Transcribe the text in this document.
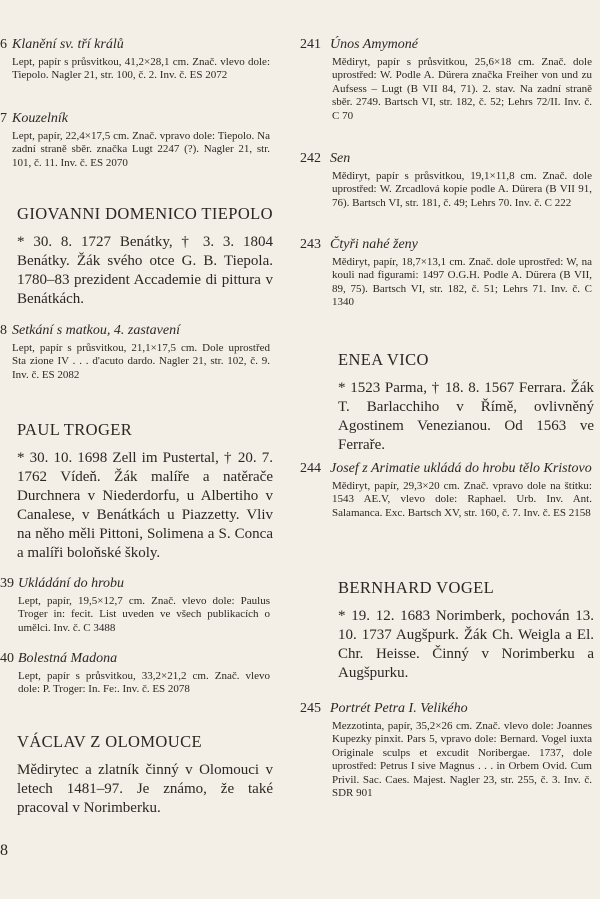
6 Klanění sv. tří králů
Lept, papír s průsvitkou, 41,2×28,1 cm. Znač. vlevo dole: Tiepolo. Nagler 21, str. 100, č. 2. Inv. č. ES 2072
7 Kouzelník
Lept, papír, 22,4×17,5 cm. Znač. vpravo dole: Tiepolo. Na zadní straně sběr. značka Lugt 2247 (?). Nagler 21, str. 101, č. 11. Inv. č. ES 2070
GIOVANNI DOMENICO TIEPOLO

* 30. 8. 1727 Benátky, † 3. 3. 1804 Benátky. Žák svého otce G. B. Tiepola. 1780–83 prezident Accademie di pittura v Benátkách.

8 Setkání s matkou, 4. zastavení
Lept, papír s průsvitkou, 21,1×17,5 cm. Dole uprostřed Sta zione IV . . . d'acuto dardo. Nagler 21, str. 102, č. 9. Inv. č. ES 2082
PAUL TROGER

* 30. 10. 1698 Zell im Pustertal, † 20. 7. 1762 Vídeň. Žák malíře a natěrače Durchnera v Niederdorfu, u Albertiho v Canalese, v Benátkách u Piazzetty. Vliv na něho měli Pittoni, Solimena a S. Conca a malíři boloňské školy.

39 Ukládání do hrobu
Lept, papír, 19,5×12,7 cm. Znač. vlevo dole: Paulus Troger in: fecit. List uveden ve všech publikacích o umělci. Inv. č. C 3488
40 Bolestná Madona
Lept, papír s průsvitkou, 33,2×21,2 cm. Znač. vlevo dole: P. Troger: In. Fe:. Inv. č. ES 2078
VÁCLAV Z OLOMOUCE

Mědirytec a zlatník činný v Olomouci v letech 1481–97. Je známo, že také pracoval v Norimberku.

8
241 Únos Amymoné
Mědiryt, papír s průsvitkou, 25,6×18 cm. Znač. dole uprostřed: W. Podle A. Dürera značka Freiher von und zu Aufsess – Lugt (B VII 84, 71). 2. stav. Na zadní straně sběr. 2749. Bartsch VI, str. 182, č. 52; Lehrs 72/II. Inv. č. C 70
242 Sen
Mědiryt, papír s průsvitkou, 19,1×11,8 cm. Znač. dole uprostřed: W. Zrcadlová kopie podle A. Dürera (B VII 91, 76). Bartsch VI, str. 181, č. 49; Lehrs 70. Inv. č. C 222
243 Čtyři nahé ženy
Mědiryt, papír, 18,7×13,1 cm. Znač. dole uprostřed: W, na kouli nad figurami: 1497 O.G.H. Podle A. Dürera (B VII, 89, 75). Bartsch VI, str. 182, č. 51; Lehrs 71. Inv. č. C 1340
ENEA VICO

* 1523 Parma, † 18. 8. 1567 Ferrara. Žák T. Barlacchiho v Římě, ovlivněný Agostinem Venezianou. Od 1563 ve Ferraře.

244 Josef z Arimatie ukládá do hrobu tělo Kristovo
Mědiryt, papír, 29,3×20 cm. Znač. vpravo dole na štítku: 1543 AE.V, vlevo dole: Raphael. Urb. Inv. Ant. Salamanca. Exc. Bartsch XV, str. 160, č. 7. Inv. č. ES 2158
BERNHARD VOGEL

* 19. 12. 1683 Norimberk, pochován 13. 10. 1737 Augšpurk. Žák Ch. Weigla a El. Chr. Heisse. Činný v Norimberku a Augšpurku.

245 Portrét Petra I. Velikého
Mezzotinta, papír, 35,2×26 cm. Znač. vlevo dole: Joannes Kupezky pinxit. Pars 5, vpravo dole: Bernard. Vogel iuxta Originale sculps et excudit Noribergae. 1737, dole uprostřed: Petrus I sive Magnus . . . in Orbem Ovid. Cum Privil. Sac. Caes. Majest. Nagler 23, str. 255, č. 3. Inv. č. SDR 901
